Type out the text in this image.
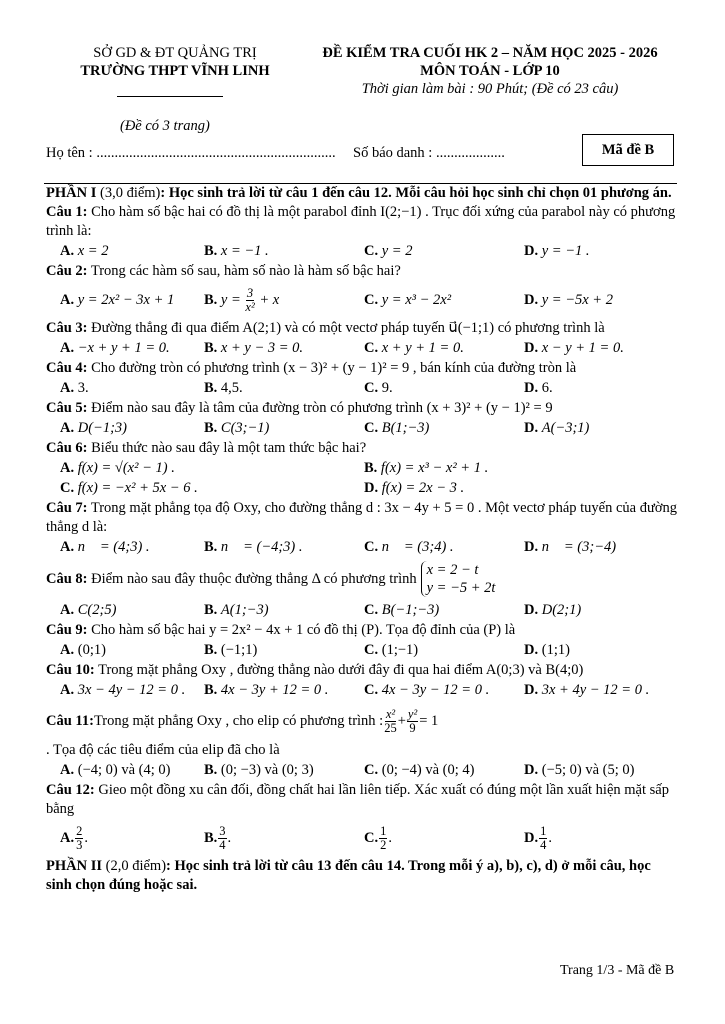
SỞ GD & ĐT QUẢNG TRỊ
TRƯỜNG THPT VĨNH LINH
(Đề có 3 trang)
ĐỀ KIỂM TRA CUỐI HK 2 – NĂM HỌC 2025 - 2026
MÔN TOÁN - LỚP 10
Thời gian làm bài : 90 Phút; (Đề có 23 câu)
Họ tên : .................................................................. Số báo danh : ...................	Mã đề B

PHẦN I (3,0 điểm): Học sinh trả lời từ câu 1 đến câu 12. Mỗi câu hỏi học sinh chỉ chọn 01 phương án.

Câu 1: Cho hàm số bậc hai có đồ thị là một parabol đỉnh I(2;−1) . Trục đối xứng của parabol này có phương trình là:

A. x = 2	B. x = −1 .	C. y = 2	D. y = −1 .

Câu 2: Trong các hàm số sau, hàm số nào là hàm số bậc hai?

A. y = 2x² − 3x + 1	B. $y = \frac{3}{\text{x²}} + x$	C. y = x³ − 2x²	D. y = −5x + 2

Câu 3: Đường thẳng đi qua điểm A(2;1) và có một vectơ pháp tuyến u⃗(−1;1) có phương trình là

A. −x + y + 1 = 0.	B. x + y − 3 = 0.	C. x + y + 1 = 0.	D. x − y + 1 = 0.

Câu 4: Cho đường tròn có phương trình (x − 3)² + (y − 1)² = 9 , bán kính của đường tròn là

A. 3.	B. 4,5.	C. 9.	D. 6.

Câu 5: Điểm nào sau đây là tâm của đường tròn có phương trình (x + 3)² + (y − 1)² = 9

A. D(−1;3)	B. C(3;−1)	C. B(1;−3)	D. A(−3;1)

Câu 6: Biểu thức nào sau đây là một tam thức bậc hai?

A. f(x) = √(x² − 1) .	B. f(x) = x³ − x² + 1 .
C. f(x) = −x² + 5x − 6 .	D. f(x) = 2x − 3 .

Câu 7: Trong mặt phẳng tọa độ Oxy, cho đường thẳng d : 3x − 4y + 5 = 0 . Một vectơ pháp tuyến của đường thẳng d là:

A. n⃗ = (4;3) .	B. n⃗ = (−4;3) .	C. n⃗ = (3;4) .	D. n⃗ = (3;−4)
Câu 8:
Điểm nào sau đây thuộc đường thẳng Δ có phương trình
x = 2 − t
y = −5 + 2t
A. C(2;5)	B. A(1;−3)	C. B(−1;−3)	D. D(2;1)

Câu 9: Cho hàm số bậc hai y = 2x² − 4x + 1 có đồ thị (P). Tọa độ đỉnh của (P) là

A. (0;1)	B. (−1;1)	C. (1;−1)	D. (1;1)

Câu 10: Trong mặt phẳng Oxy , đường thẳng nào dưới đây đi qua hai điểm A(0;3) và B(4;0)

A. 3x − 4y − 12 = 0 .	B. 4x − 3y + 12 = 0 .	C. 4x − 3y − 12 = 0 .	D. 3x + 4y − 12 = 0 .
Câu 11: Trong mặt phẳng Oxy , cho elip có phương trình : $\frac{\text{x²}}{25} + \frac{\text{y²}}{9} = 1$

. Tọa độ các tiêu điểm của elip đã cho là

A. (−4; 0) và (4; 0)	B. (0; −3) và (0; 3)	C. (0; −4) và (0; 4)	D. (−5; 0) và (5; 0)

Câu 12: Gieo một đồng xu cân đối, đồng chất hai lần liên tiếp. Xác xuất có đúng một lần xuất hiện mặt sấp bằng

A. $\frac{2}{3}$ .	B. $\frac{3}{4}$ .	C. $\frac{1}{2}$ .	D. $\frac{1}{4}$ .

PHẦN II (2,0 điểm): Học sinh trả lời từ câu 13 đến câu 14. Trong mỗi ý a), b), c), d) ở mỗi câu, học sinh chọn đúng hoặc sai.

Trang 1/3 - Mã đề B
